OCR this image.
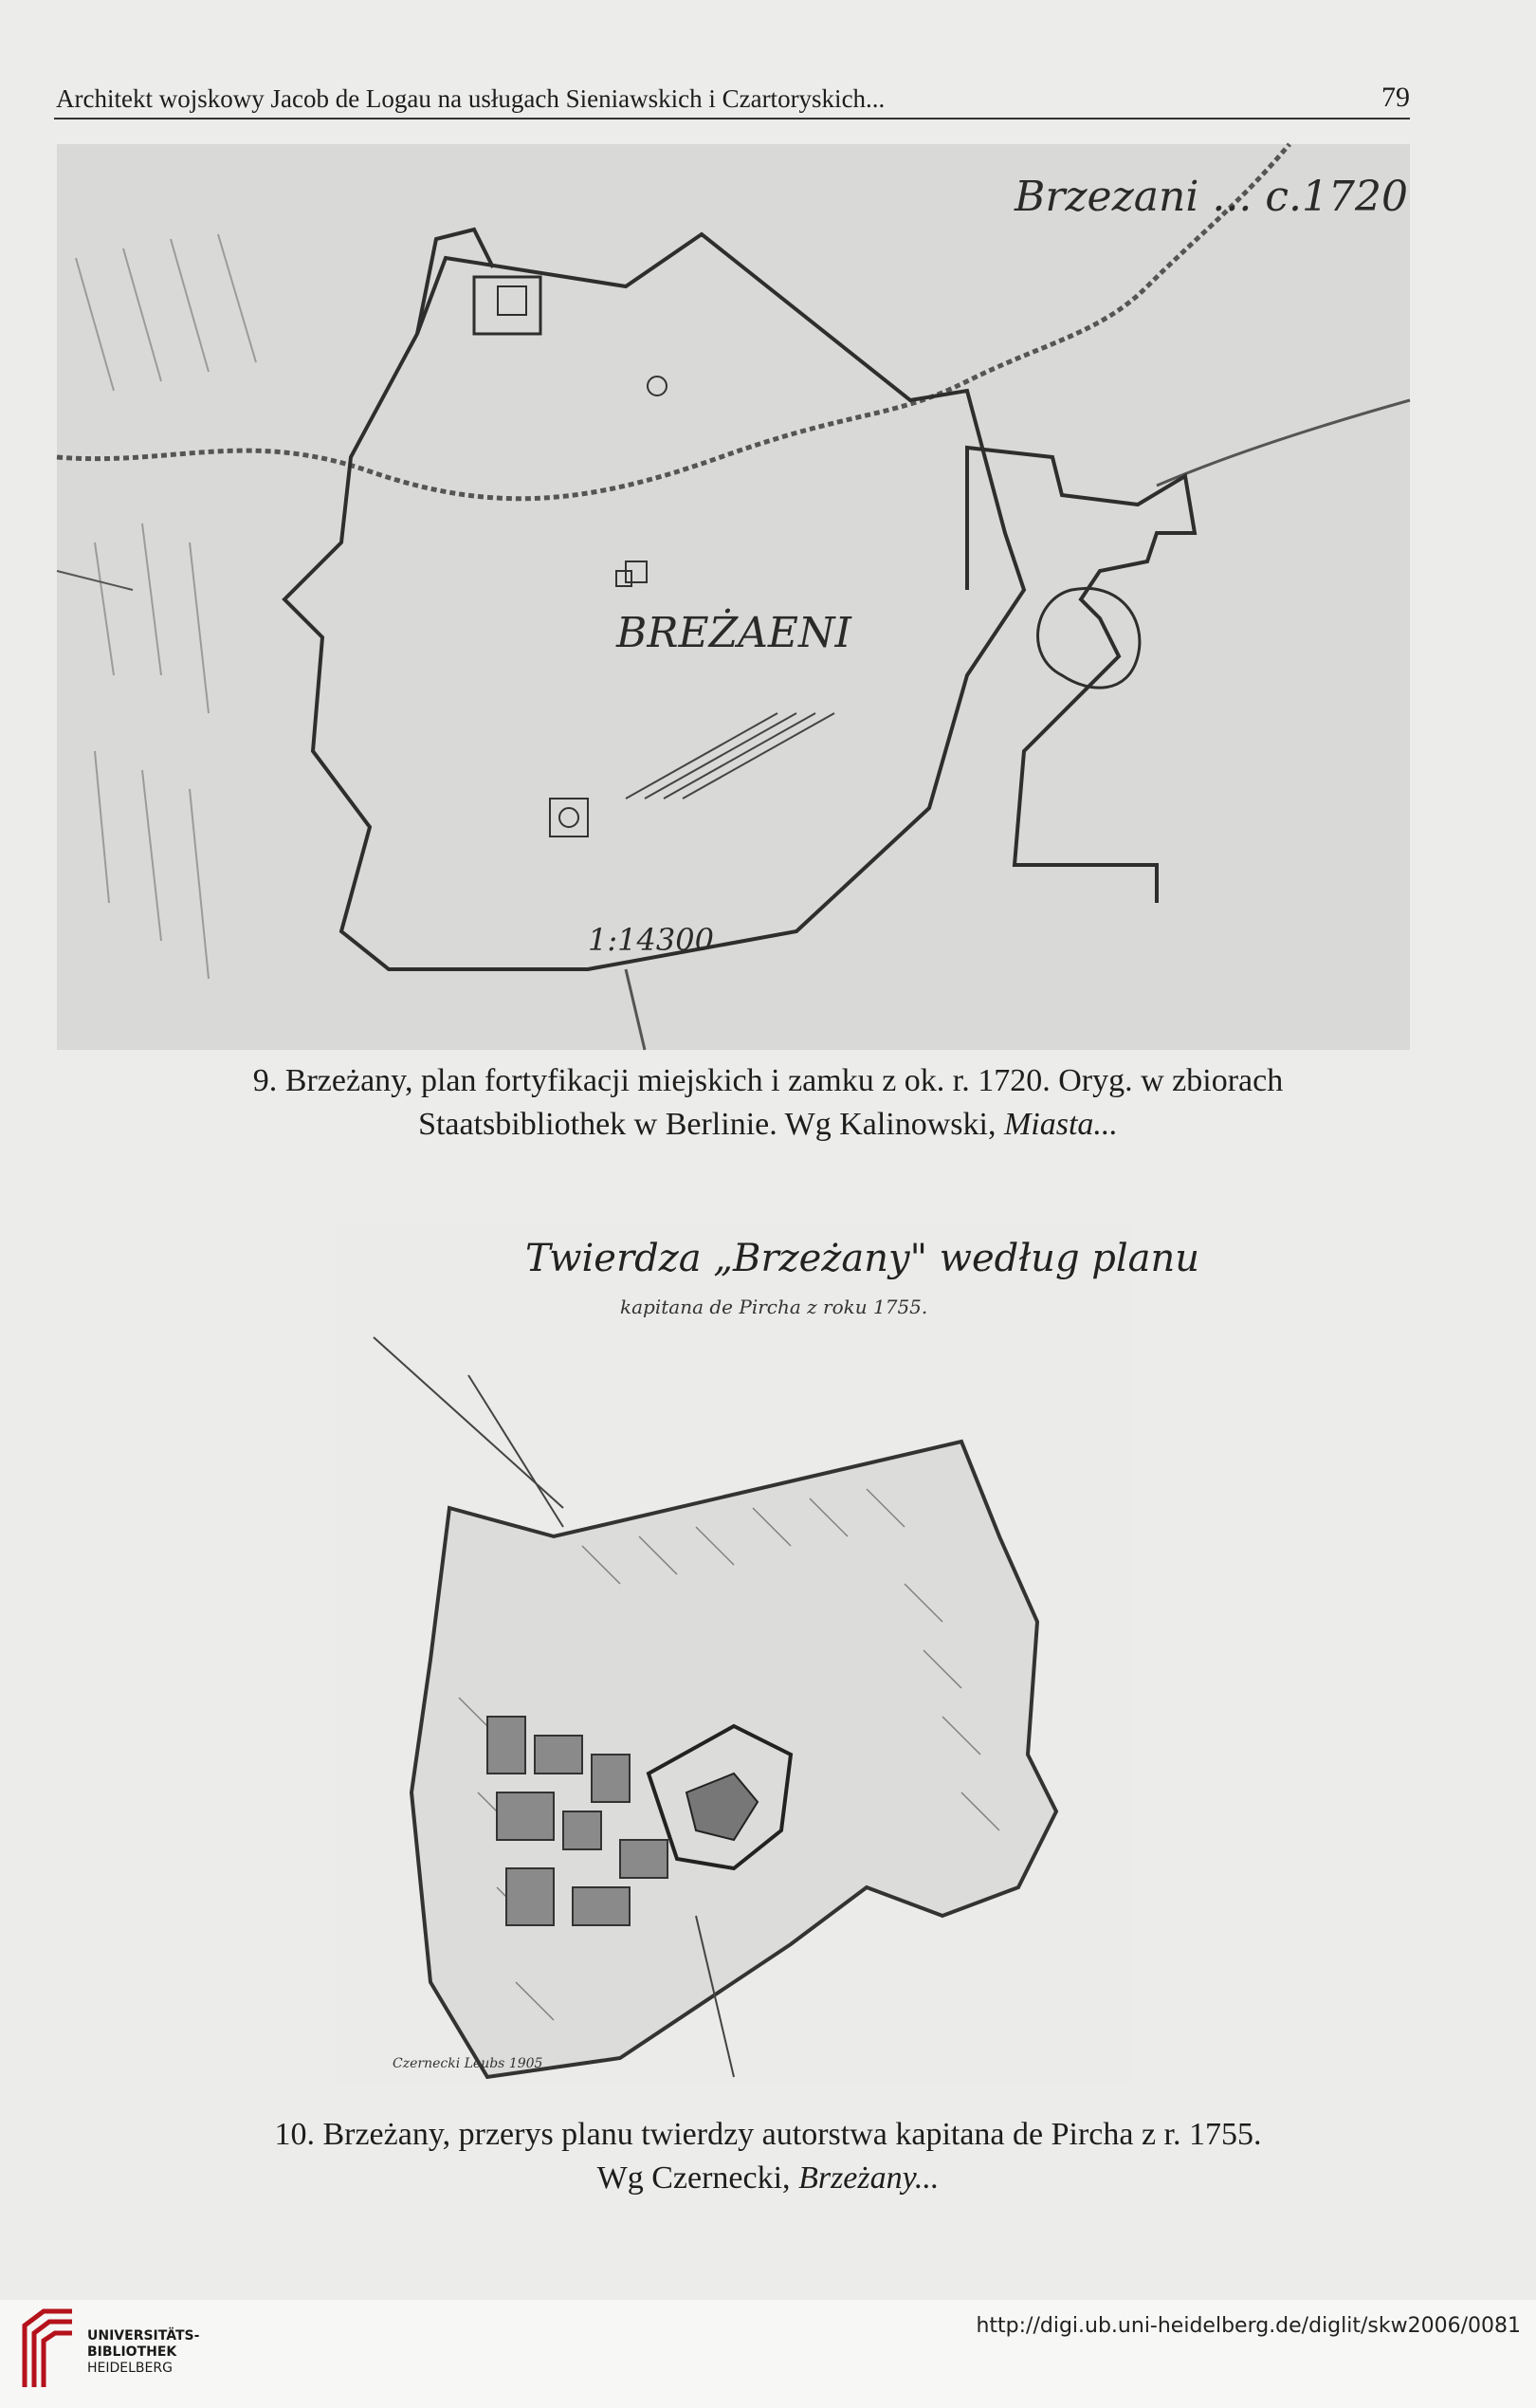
Architekt wojskowy Jacob de Logau na usługach Sieniawskich i Czartoryskich...	79
BREŻAENI
Brzezani ... c.1720
1:14300
9. Brzeżany, plan fortyfikacji miejskich i zamku z ok. r. 1720. Oryg. w zbiorach
Staatsbibliothek w Berlinie. Wg Kalinowski, Miasta...
Twierdza „Brzeżany" według planu
kapitana de Pircha z roku 1755.
Czernecki Leubs 1905
10. Brzeżany, przerys planu twierdzy autorstwa kapitana de Pircha z r. 1755.
Wg Czernecki, Brzeżany...
UNIVERSITÄTS-
BIBLIOTHEK
HEIDELBERG
http://digi.ub.uni-heidelberg.de/diglit/skw2006/0081
